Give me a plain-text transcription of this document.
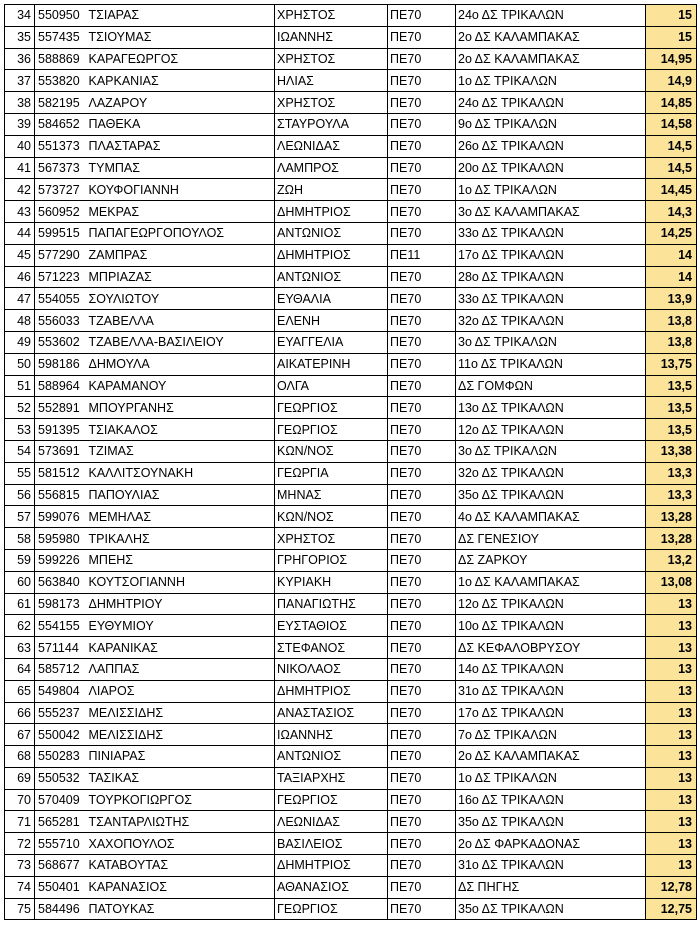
34	550950	ΤΣΙΑΡΑΣ	ΧΡΗΣΤΟΣ	ΠΕ70	24ο ΔΣ ΤΡΙΚΑΛΩΝ	15
35	557435	ΤΣΙΟΥΜΑΣ	ΙΩΑΝΝΗΣ	ΠΕ70	2ο ΔΣ ΚΑΛΑΜΠΑΚΑΣ	15
36	588869	ΚΑΡΑΓΕΩΡΓΟΣ	ΧΡΗΣΤΟΣ	ΠΕ70	2ο ΔΣ ΚΑΛΑΜΠΑΚΑΣ	14,95
37	553820	ΚΑΡΚΑΝΙΑΣ	ΗΛΙΑΣ	ΠΕ70	1ο ΔΣ ΤΡΙΚΑΛΩΝ	14,9
38	582195	ΛΑΖΑΡΟΥ	ΧΡΗΣΤΟΣ	ΠΕ70	24ο ΔΣ ΤΡΙΚΑΛΩΝ	14,85
39	584652	ΠΑΘΕΚΑ	ΣΤΑΥΡΟΥΛΑ	ΠΕ70	9ο ΔΣ ΤΡΙΚΑΛΩΝ	14,58
40	551373	ΠΛΑΣΤΑΡΑΣ	ΛΕΩΝΙΔΑΣ	ΠΕ70	26ο ΔΣ ΤΡΙΚΑΛΩΝ	14,5
41	567373	ΤΥΜΠΑΣ	ΛΑΜΠΡΟΣ	ΠΕ70	20ο ΔΣ ΤΡΙΚΑΛΩΝ	14,5
42	573727	ΚΟΥΦΟΓΙΑΝΝΗ	ΖΩΗ	ΠΕ70	1ο ΔΣ ΤΡΙΚΑΛΩΝ	14,45
43	560952	ΜΕΚΡΑΣ	ΔΗΜΗΤΡΙΟΣ	ΠΕ70	3ο ΔΣ ΚΑΛΑΜΠΑΚΑΣ	14,3
44	599515	ΠΑΠΑΓΕΩΡΓΟΠΟΥΛΟΣ	ΑΝΤΩΝΙΟΣ	ΠΕ70	33ο ΔΣ ΤΡΙΚΑΛΩΝ	14,25
45	577290	ΖΑΜΠΡΑΣ	ΔΗΜΗΤΡΙΟΣ	ΠΕ11	17ο ΔΣ ΤΡΙΚΑΛΩΝ	14
46	571223	ΜΠΡΙΑΖΑΣ	ΑΝΤΩΝΙΟΣ	ΠΕ70	28ο ΔΣ ΤΡΙΚΑΛΩΝ	14
47	554055	ΣΟΥΛΙΩΤΟΥ	ΕΥΘΑΛΙΑ	ΠΕ70	33ο ΔΣ ΤΡΙΚΑΛΩΝ	13,9
48	556033	ΤΖΑΒΕΛΛΑ	ΕΛΕΝΗ	ΠΕ70	32ο ΔΣ ΤΡΙΚΑΛΩΝ	13,8
49	553602	ΤΖΑΒΕΛΛΑ-ΒΑΣΙΛΕΙΟΥ	ΕΥΑΓΓΕΛΙΑ	ΠΕ70	3ο ΔΣ ΤΡΙΚΑΛΩΝ	13,8
50	598186	ΔΗΜΟΥΛΑ	ΑΙΚΑΤΕΡΙΝΗ	ΠΕ70	11ο ΔΣ ΤΡΙΚΑΛΩΝ	13,75
51	588964	ΚΑΡΑΜΑΝΟΥ	ΟΛΓΑ	ΠΕ70	ΔΣ ΓΟΜΦΩΝ	13,5
52	552891	ΜΠΟΥΡΓΑΝΗΣ	ΓΕΩΡΓΙΟΣ	ΠΕ70	13ο ΔΣ ΤΡΙΚΑΛΩΝ	13,5
53	591395	ΤΣΙΑΚΑΛΟΣ	ΓΕΩΡΓΙΟΣ	ΠΕ70	12ο ΔΣ ΤΡΙΚΑΛΩΝ	13,5
54	573691	ΤΖΙΜΑΣ	ΚΩΝ/ΝΟΣ	ΠΕ70	3ο ΔΣ ΤΡΙΚΑΛΩΝ	13,38
55	581512	ΚΑΛΛΙΤΣΟΥΝΑΚΗ	ΓΕΩΡΓΙΑ	ΠΕ70	32ο ΔΣ ΤΡΙΚΑΛΩΝ	13,3
56	556815	ΠΑΠΟΥΛΙΑΣ	ΜΗΝΑΣ	ΠΕ70	35ο ΔΣ ΤΡΙΚΑΛΩΝ	13,3
57	599076	ΜΕΜΗΛΑΣ	ΚΩΝ/ΝΟΣ	ΠΕ70	4ο ΔΣ ΚΑΛΑΜΠΑΚΑΣ	13,28
58	595980	ΤΡΙΚΑΛΗΣ	ΧΡΗΣΤΟΣ	ΠΕ70	ΔΣ ΓΕΝΕΣΙΟΥ	13,28
59	599226	ΜΠΕΗΣ	ΓΡΗΓΟΡΙΟΣ	ΠΕ70	ΔΣ ΖΑΡΚΟΥ	13,2
60	563840	ΚΟΥΤΣΟΓΙΑΝΝΗ	ΚΥΡΙΑΚΗ	ΠΕ70	1ο ΔΣ ΚΑΛΑΜΠΑΚΑΣ	13,08
61	598173	ΔΗΜΗΤΡΙΟΥ	ΠΑΝΑΓΙΩΤΗΣ	ΠΕ70	12ο ΔΣ ΤΡΙΚΑΛΩΝ	13
62	554155	ΕΥΘΥΜΙΟΥ	ΕΥΣΤΑΘΙΟΣ	ΠΕ70	10ο ΔΣ ΤΡΙΚΑΛΩΝ	13
63	571144	ΚΑΡΑΝΙΚΑΣ	ΣΤΕΦΑΝΟΣ	ΠΕ70	ΔΣ ΚΕΦΑΛΟΒΡΥΣΟΥ	13
64	585712	ΛΑΠΠΑΣ	ΝΙΚΟΛΑΟΣ	ΠΕ70	14ο ΔΣ ΤΡΙΚΑΛΩΝ	13
65	549804	ΛΙΑΡΟΣ	ΔΗΜΗΤΡΙΟΣ	ΠΕ70	31ο ΔΣ ΤΡΙΚΑΛΩΝ	13
66	555237	ΜΕΛΙΣΣΙΔΗΣ	ΑΝΑΣΤΑΣΙΟΣ	ΠΕ70	17ο ΔΣ ΤΡΙΚΑΛΩΝ	13
67	550042	ΜΕΛΙΣΣΙΔΗΣ	ΙΩΑΝΝΗΣ	ΠΕ70	7ο ΔΣ ΤΡΙΚΑΛΩΝ	13
68	550283	ΠΙΝΙΑΡΑΣ	ΑΝΤΩΝΙΟΣ	ΠΕ70	2ο ΔΣ ΚΑΛΑΜΠΑΚΑΣ	13
69	550532	ΤΑΣΙΚΑΣ	ΤΑΞΙΑΡΧΗΣ	ΠΕ70	1ο ΔΣ ΤΡΙΚΑΛΩΝ	13
70	570409	ΤΟΥΡΚΟΓΙΩΡΓΟΣ	ΓΕΩΡΓΙΟΣ	ΠΕ70	16ο ΔΣ ΤΡΙΚΑΛΩΝ	13
71	565281	ΤΣΑΝΤΑΡΛΙΩΤΗΣ	ΛΕΩΝΙΔΑΣ	ΠΕ70	35ο ΔΣ ΤΡΙΚΑΛΩΝ	13
72	555710	ΧΑΧΟΠΟΥΛΟΣ	ΒΑΣΙΛΕΙΟΣ	ΠΕ70	2ο ΔΣ ΦΑΡΚΑΔΟΝΑΣ	13
73	568677	ΚΑΤΑΒΟΥΤΑΣ	ΔΗΜΗΤΡΙΟΣ	ΠΕ70	31ο ΔΣ ΤΡΙΚΑΛΩΝ	13
74	550401	ΚΑΡΑΝΑΣΙΟΣ	ΑΘΑΝΑΣΙΟΣ	ΠΕ70	ΔΣ ΠΗΓΗΣ	12,78
75	584496	ΠΑΤΟΥΚΑΣ	ΓΕΩΡΓΙΟΣ	ΠΕ70	35ο ΔΣ ΤΡΙΚΑΛΩΝ	12,75
